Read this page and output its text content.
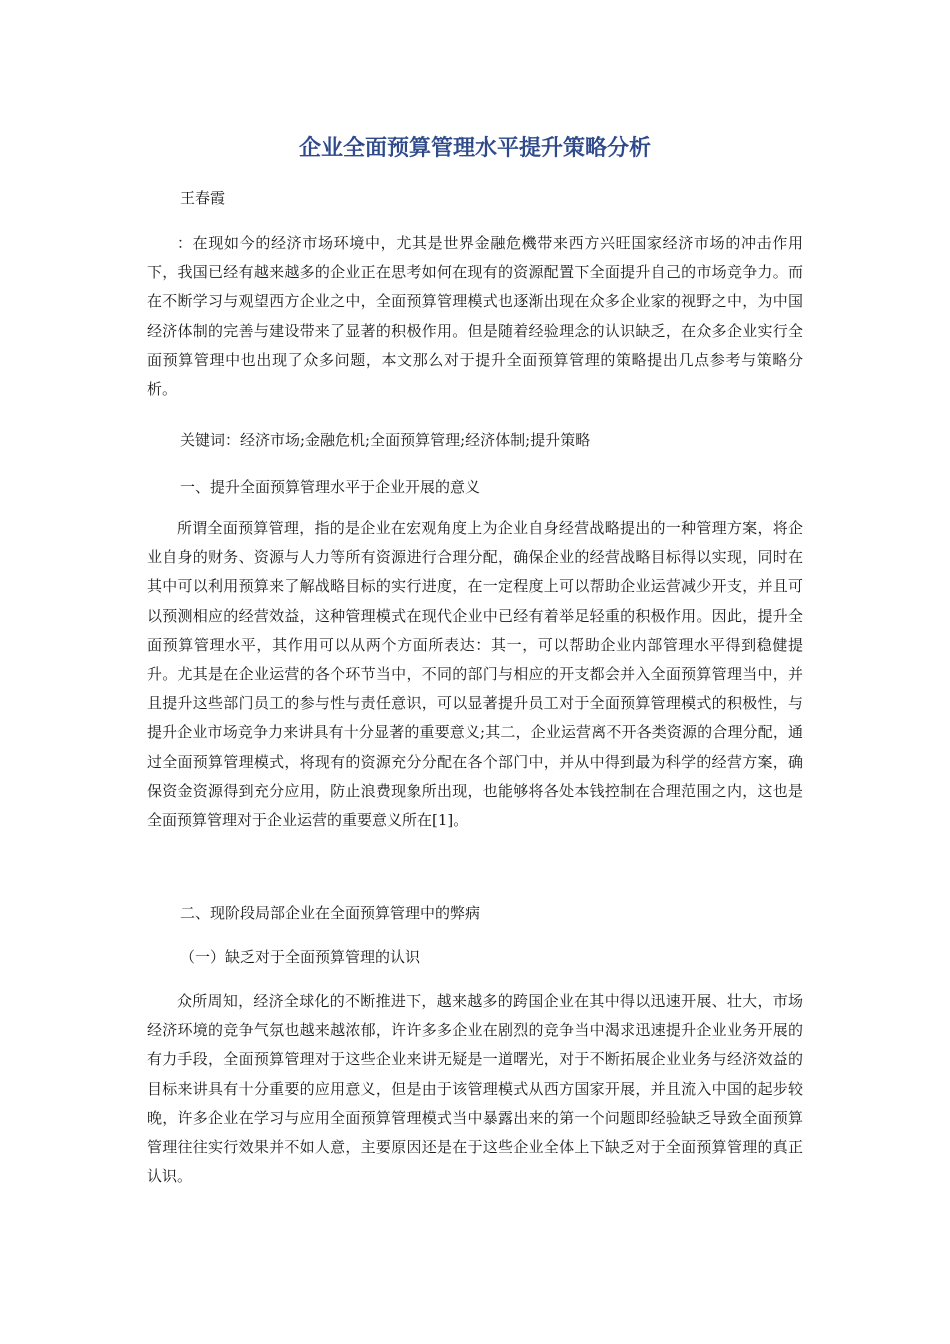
企业全面预算管理水平提升策略分析

王春霞

：在现如今的经济市场环境中，尤其是世界金融危機带来西方兴旺国家经济市场的冲击作用下，我国已经有越来越多的企业正在思考如何在现有的资源配置下全面提升自己的市场竞争力。而在不断学习与观望西方企业之中，全面预算管理模式也逐渐出现在众多企业家的视野之中，为中国经济体制的完善与建设带来了显著的积极作用。但是随着经验理念的认识缺乏，在众多企业实行全面预算管理中也出现了众多问题，本文那么对于提升全面预算管理的策略提出几点参考与策略分析。

关键词：经济市场;金融危机;全面预算管理;经济体制;提升策略

一、提升全面预算管理水平于企业开展的意义

所谓全面预算管理，指的是企业在宏观角度上为企业自身经营战略提出的一种管理方案，将企业自身的财务、资源与人力等所有资源进行合理分配，确保企业的经营战略目标得以实现，同时在其中可以利用预算来了解战略目标的实行进度，在一定程度上可以帮助企业运营减少开支，并且可以预测相应的经营效益，这种管理模式在现代企业中已经有着举足轻重的积极作用。因此，提升全面预算管理水平，其作用可以从两个方面所表达：其一，可以帮助企业内部管理水平得到稳健提升。尤其是在企业运营的各个环节当中，不同的部门与相应的开支都会并入全面预算管理当中，并且提升这些部门员工的参与性与责任意识，可以显著提升员工对于全面预算管理模式的积极性，与提升企业市场竞争力来讲具有十分显著的重要意义;其二，企业运营离不开各类资源的合理分配，通过全面预算管理模式，将现有的资源充分分配在各个部门中，并从中得到最为科学的经营方案，确保资金资源得到充分应用，防止浪费现象所出现，也能够将各处本钱控制在合理范围之内，这也是全面预算管理对于企业运营的重要意义所在[1]。

二、现阶段局部企业在全面预算管理中的弊病

（一）缺乏对于全面预算管理的认识

众所周知，经济全球化的不断推进下，越来越多的跨国企业在其中得以迅速开展、壮大，市场经济环境的竞争气氛也越来越浓郁，许许多多企业在剧烈的竞争当中渴求迅速提升企业业务开展的有力手段，全面预算管理对于这些企业来讲无疑是一道曙光，对于不断拓展企业业务与经济效益的目标来讲具有十分重要的应用意义，但是由于该管理模式从西方国家开展，并且流入中国的起步较晚，许多企业在学习与应用全面预算管理模式当中暴露出来的第一个问题即经验缺乏导致全面预算管理往往实行效果并不如人意，主要原因还是在于这些企业全体上下缺乏对于全面预算管理的真正认识。
